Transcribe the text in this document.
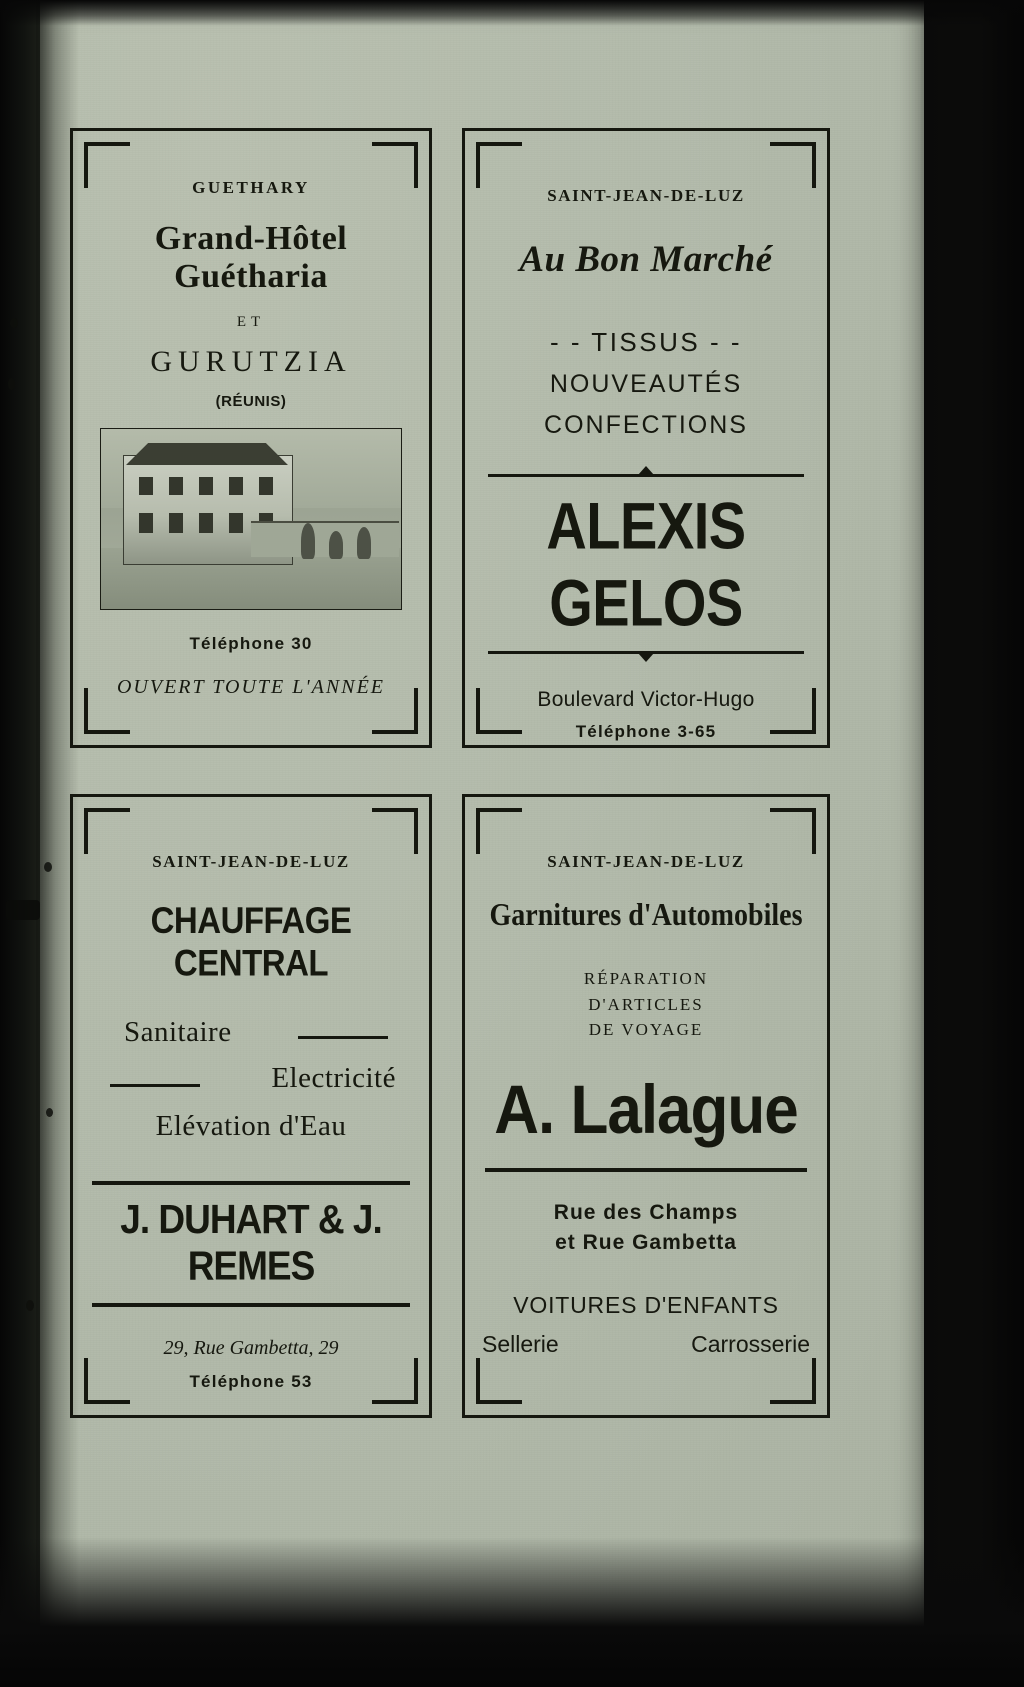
GUETHARY
Grand-Hôtel Guétharia
ET
GURUTZIA
(RÉUNIS)
Téléphone 30
OUVERT TOUTE L'ANNÉE
SAINT-JEAN-DE-LUZ
Au Bon Marché
- - TISSUS - -
NOUVEAUTÉS
CONFECTIONS
ALEXIS GELOS
Boulevard Victor-Hugo
Téléphone 3-65
SAINT-JEAN-DE-LUZ
CHAUFFAGE CENTRAL
Sanitaire
Electricité
Elévation d'Eau
J. DUHART & J. REMES
29, Rue Gambetta, 29
Téléphone 53
SAINT-JEAN-DE-LUZ
Garnitures d'Automobiles
RÉPARATION
D'ARTICLES
DE VOYAGE
A. Lalague
Rue des Champs
et Rue Gambetta
VOITURES D'ENFANTS
Sellerie	Carrosserie
